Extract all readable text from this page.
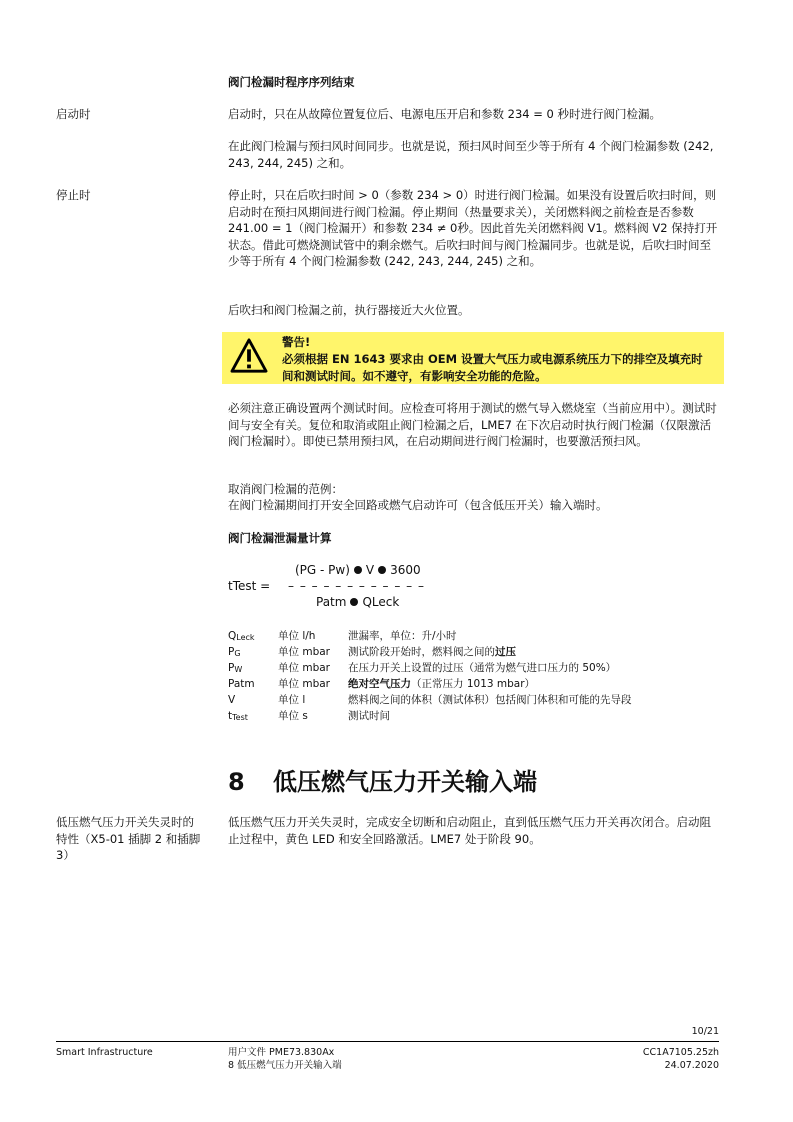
阀门检漏时程序序列结束
启动时	启动时，只在从故障位置复位后、电源电压开启和参数 234 = 0 秒时进行阀门检漏。

在此阀门检漏与预扫风时间同步。也就是说，预扫风时间至少等于所有 4 个阀门检漏参数 (242, 243, 244, 245) 之和。

停止时	停止时，只在后吹扫时间 > 0（参数 234 > 0）时进行阀门检漏。如果没有设置后吹扫时间，则启动时在预扫风期间进行阀门检漏。停止期间（热量要求关），关闭燃料阀之前检查是否参数 241.00 = 1（阀门检漏开）和参数 234 ≠ 0秒。因此首先关闭燃料阀 V1。燃料阀 V2 保持打开状态。借此可燃烧测试管中的剩余燃气。后吹扫时间与阀门检漏同步。也就是说，后吹扫时间至少等于所有 4 个阀门检漏参数 (242, 243, 244, 245) 之和。

后吹扫和阀门检漏之前，执行器接近大火位置。

警告!
必须根据 EN 1643 要求由 OEM 设置大气压力或电源系统压力下的排空及填充时间和测试时间。如不遵守，有影响安全功能的危险。

必须注意正确设置两个测试时间。应检查可将用于测试的燃气导入燃烧室（当前应用中）。测试时间与安全有关。复位和取消或阻止阀门检漏之后，LME7 在下次启动时执行阀门检漏（仅限激活阀门检漏时）。即使已禁用预扫风，在启动期间进行阀门检漏时，也要激活预扫风。

取消阀门检漏的范例：

在阀门检漏期间打开安全回路或燃气启动许可（包含低压开关）输入端时。

阀门检漏泄漏量计算
tTest =
(PG - Pw) V 3600
– – – – – – – – – – – –
Patm QLeck
$Q_{Leck}$ 单位 l/h	泄漏率，单位：升/小时
$P_G$	单位 mbar 测试阶段开始时，燃料阀之间的过压
$P_W$	单位 mbar 在压力开关上设置的过压（通常为燃气进口压力的 50%）
Patm 单位 mbar 绝对空气压力（正常压力 1013 mbar）
V	单位 l	燃料阀之间的体积（测试体积）包括阀门体积和可能的先导段
$t_{Test}$	单位 s	测试时间
8 低压燃气压力开关输入端
低压燃气压力开关失灵时的特性（X5-01 插脚 2 和插脚 3）

低压燃气压力开关失灵时，完成安全切断和启动阻止，直到低压燃气压力开关再次闭合。启动阻止过程中，黄色 LED 和安全回路激活。LME7 处于阶段 90。

10/21
Smart Infrastructure	用户文件 PME73.830Ax
8 低压燃气压力开关输入端
CC1A7105.25zh
24.07.2020
